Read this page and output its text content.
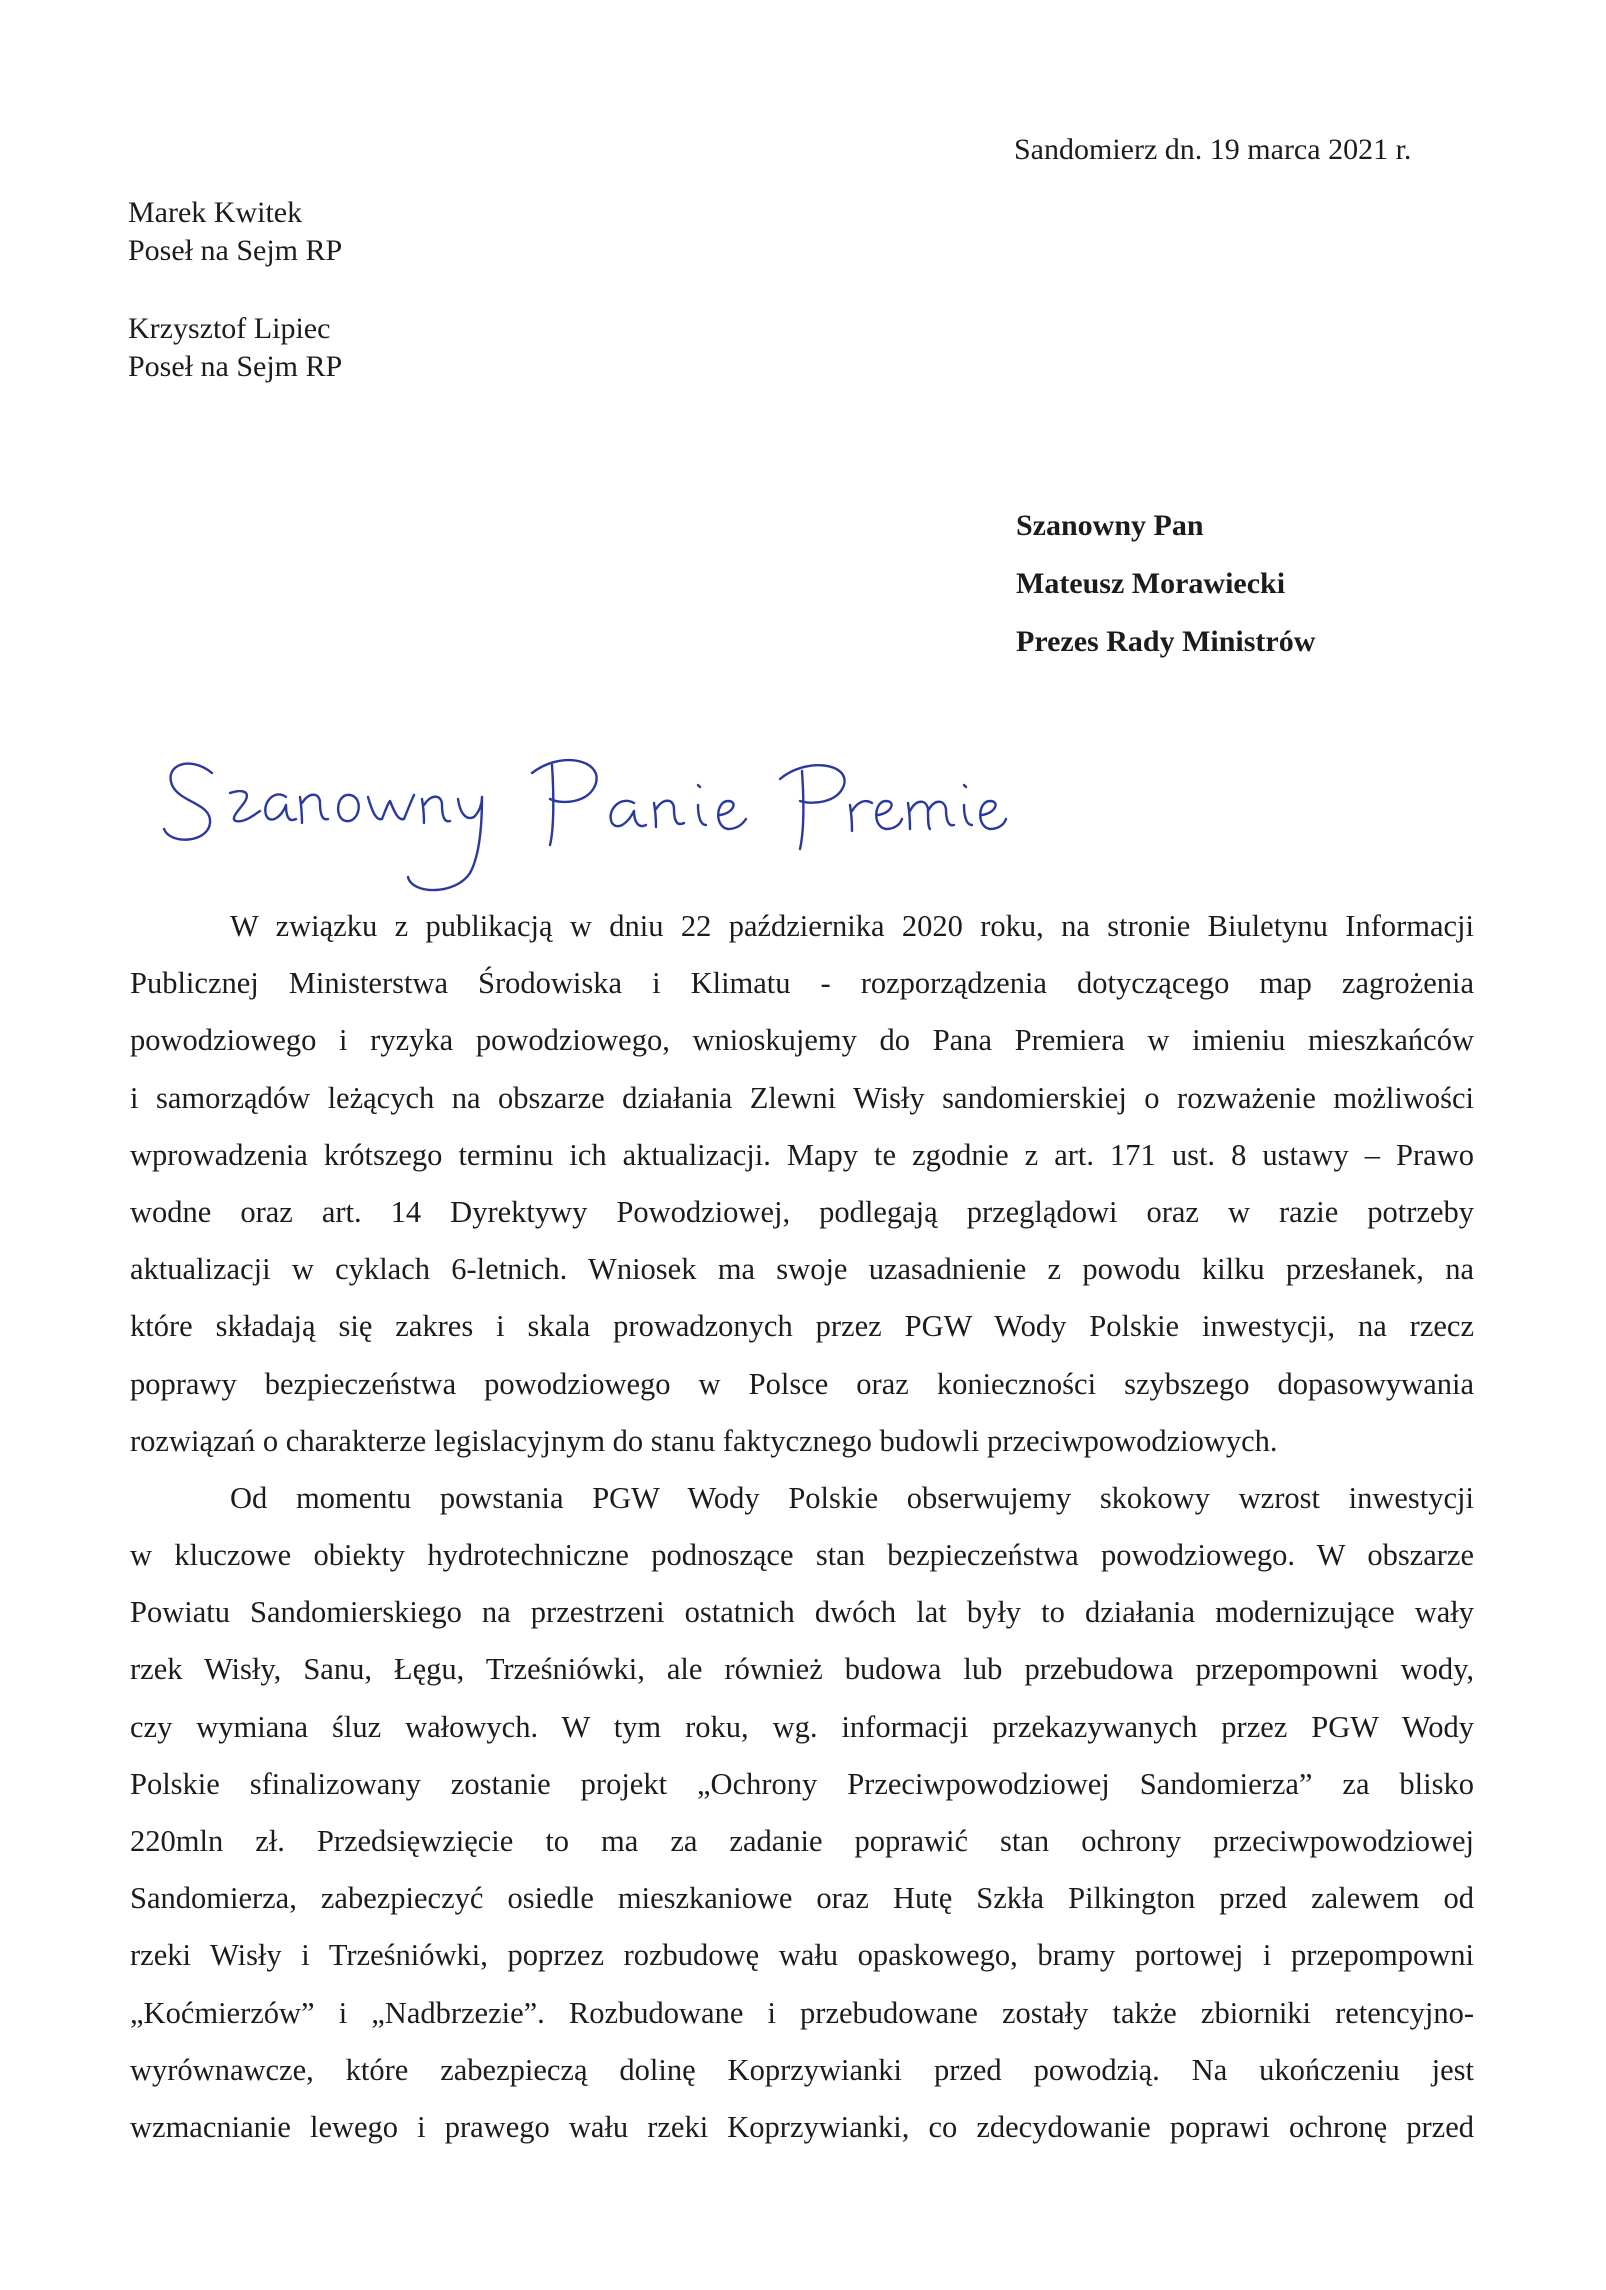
Sandomierz dn. 19 marca 2021 r.
Marek Kwitek
Poseł na Sejm RP
Krzysztof Lipiec
Poseł na Sejm RP
Szanowny Pan
Mateusz Morawiecki
Prezes Rady Ministrów
W związku z publikacją w dniu 22 października 2020 roku, na stronie Biuletynu Informacji
Publicznej Ministerstwa Środowiska i Klimatu - rozporządzenia dotyczącego map zagrożenia
powodziowego i ryzyka powodziowego, wnioskujemy do Pana Premiera w imieniu mieszkańców
i samorządów leżących na obszarze działania Zlewni Wisły sandomierskiej o rozważenie możliwości
wprowadzenia krótszego terminu ich aktualizacji. Mapy te zgodnie z art. 171 ust. 8 ustawy – Prawo
wodne oraz art. 14 Dyrektywy Powodziowej, podlegają przeglądowi oraz w razie potrzeby
aktualizacji w cyklach 6-letnich. Wniosek ma swoje uzasadnienie z powodu kilku przesłanek, na
które składają się zakres i skala prowadzonych przez PGW Wody Polskie inwestycji, na rzecz
poprawy bezpieczeństwa powodziowego w Polsce oraz konieczności szybszego dopasowywania
rozwiązań o charakterze legislacyjnym do stanu faktycznego budowli przeciwpowodziowych.
Od momentu powstania PGW Wody Polskie obserwujemy skokowy wzrost inwestycji
w kluczowe obiekty hydrotechniczne podnoszące stan bezpieczeństwa powodziowego. W obszarze
Powiatu Sandomierskiego na przestrzeni ostatnich dwóch lat były to działania modernizujące wały
rzek Wisły, Sanu, Łęgu, Trześniówki, ale również budowa lub przebudowa przepompowni wody,
czy wymiana śluz wałowych. W tym roku, wg. informacji przekazywanych przez PGW Wody
Polskie sfinalizowany zostanie projekt „Ochrony Przeciwpowodziowej Sandomierza” za blisko
220mln zł. Przedsięwzięcie to ma za zadanie poprawić stan ochrony przeciwpowodziowej
Sandomierza, zabezpieczyć osiedle mieszkaniowe oraz Hutę Szkła Pilkington przed zalewem od
rzeki Wisły i Trześniówki, poprzez rozbudowę wału opaskowego, bramy portowej i przepompowni
„Koćmierzów” i „Nadbrzezie”. Rozbudowane i przebudowane zostały także zbiorniki retencyjno-
wyrównawcze, które zabezpieczą dolinę Koprzywianki przed powodzią. Na ukończeniu jest
wzmacnianie lewego i prawego wału rzeki Koprzywianki, co zdecydowanie poprawi ochronę przed
